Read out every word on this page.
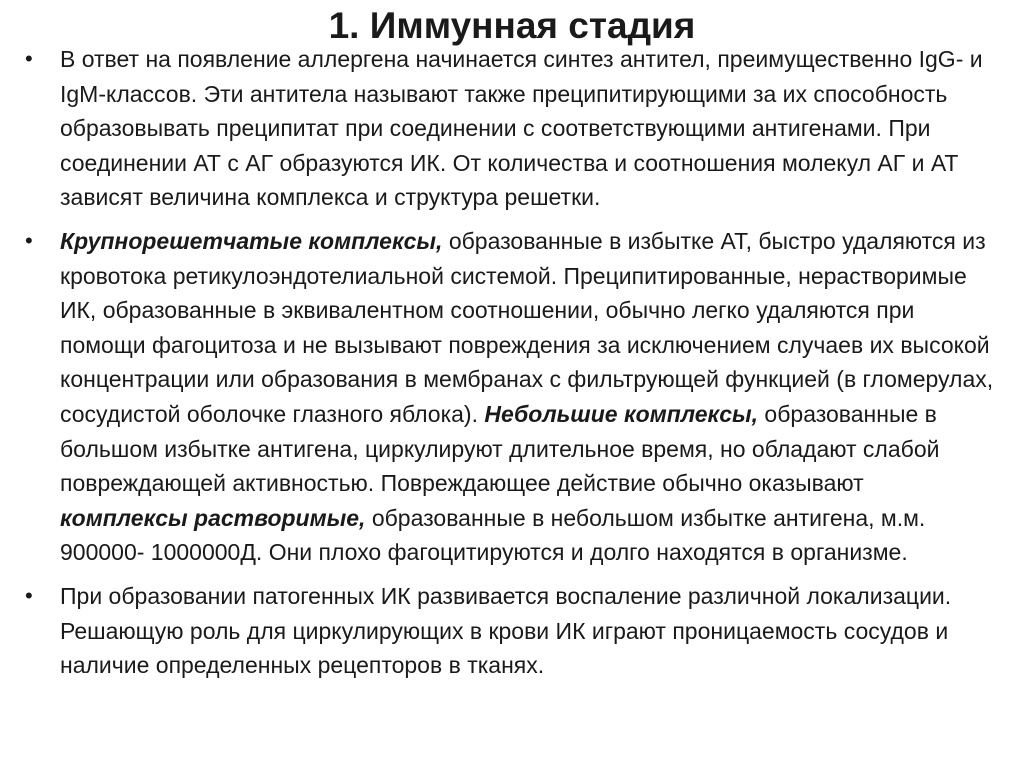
1. Иммунная стадия
•	В ответ на появление аллергена начинается синтез антител, преимущественно IgG- и IgM-классов. Эти антитела называют также преципитирующими за их способность образовывать преципитат при соединении с соответствующими антигенами. При соединении АТ с АГ образуются ИК. От количества и соотношения молекул АГ и АТ зависят величина комплекса и структура решетки.
•	Крупнорешетчатые комплексы, образованные в избытке АТ, быстро удаляются из кровотока ретикулоэндотелиальной системой. Преципитированные, нерастворимые ИК, образованные в эквивалентном соотношении, обычно легко удаляются при помощи фагоцитоза и не вызывают повреждения за исключением случаев их высокой концентрации или образования в мембранах с фильтрующей функцией (в гломерулах, сосудистой оболочке глазного яблока). Небольшие комплексы, образованные в большом избытке антигена, циркулируют длительное время, но обладают слабой повреждающей активностью. Повреждающее действие обычно оказывают комплексы растворимые, образованные в небольшом избытке антигена, м.м. 900000- 1000000Д. Они плохо фагоцитируются и долго находятся в организме.
•	При образовании патогенных ИК развивается воспаление различной локализации. Решающую роль для циркулирующих в крови ИК играют проницаемость сосудов и наличие определенных рецепторов в тканях.
